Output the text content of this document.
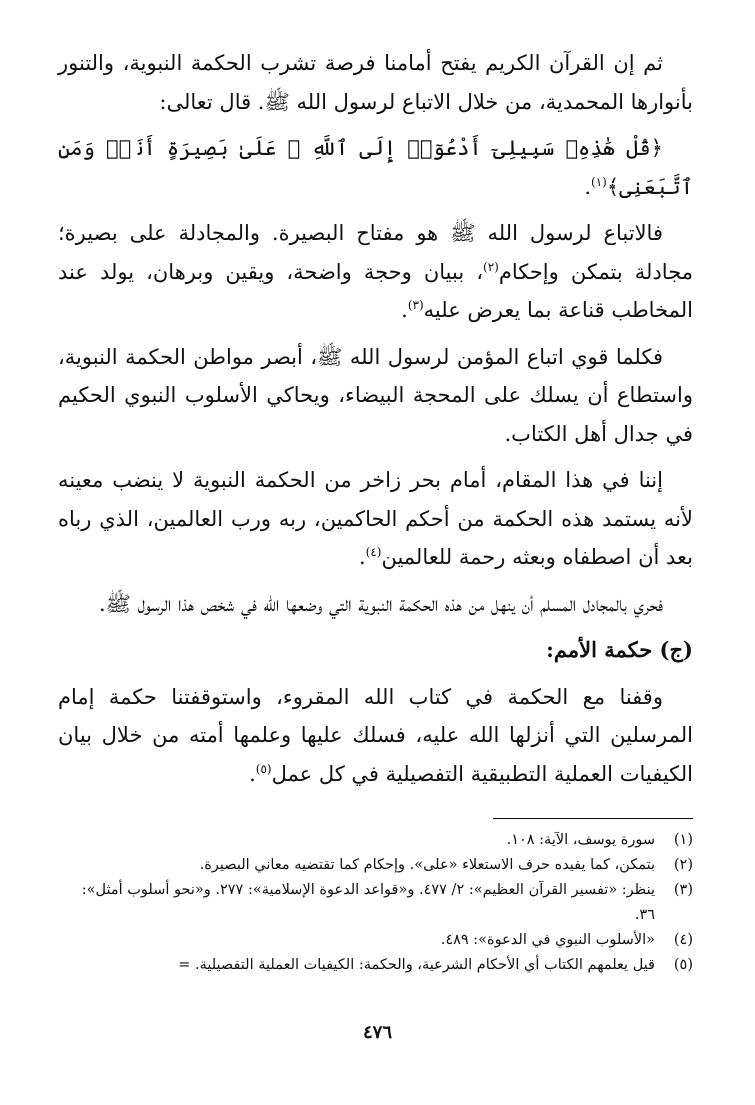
ثم إن القرآن الكريم يفتح أمامنا فرصة تشرب الحكمة النبوية، والتنور بأنوارها المحمدية، من خلال الاتباع لرسول الله ﷺ. قال تعالى:

﴿قُلْ هَٰذِهِۦ سَبِيلِىٓ أَدْعُوٓا۟ إِلَى ٱللَّهِ ۚ عَلَىٰ بَصِيرَةٍ أَنَا۠ وَمَنِ ٱتَّبَعَنِى﴾$^{(١)}$.

فالاتباع لرسول الله ﷺ هو مفتاح البصيرة. والمجادلة على بصيرة؛ مجادلة بتمكن وإحكام$^{(٢)}$، ببيان وحجة واضحة، ويقين وبرهان، يولد عند المخاطب قناعة بما يعرض عليه$^{(٣)}$.

فكلما قوي اتباع المؤمن لرسول الله ﷺ، أبصر مواطن الحكمة النبوية، واستطاع أن يسلك على المحجة البيضاء، ويحاكي الأسلوب النبوي الحكيم في جدال أهل الكتاب.

إننا في هذا المقام، أمام بحر زاخر من الحكمة النبوية لا ينضب معينه لأنه يستمد هذه الحكمة من أحكم الحاكمين، ربه ورب العالمين، الذي رباه بعد أن اصطفاه وبعثه رحمة للعالمين$^{(٤)}$.

فحري بالمجادل المسلم أن ينهل من هذه الحكمة النبوية التي وضعها الله في شخص هذا الرسول ﷺ.

(ج) حكمة الأمم:

وقفنا مع الحكمة في كتاب الله المقروء، واستوقفتنا حكمة إمام المرسلين التي أنزلها الله عليه، فسلك عليها وعلمها أمته من خلال بيان الكيفيات العملية التطبيقية التفصيلية في كل عمل$^{(٥)}$.

(١)
سورة يوسف، الآية: ١٠٨.
(٢)
بتمكن، كما يفيده حرف الاستعلاء «على». وإحكام كما تقتضيه معاني البصيرة.
(٣)
ينظر: «تفسير القرآن العظيم»: ٢/ ٤٧٧. و«قواعد الدعوة الإسلامية»: ٢٧٧. و«نحو أسلوب أمثل»: ٣٦.
(٤)
«الأسلوب النبوي في الدعوة»: ٤٨٩.
(٥)
قيل يعلمهم الكتاب أي الأحكام الشرعية، والحكمة: الكيفيات العملية التفصيلية. =
٤٧٦
